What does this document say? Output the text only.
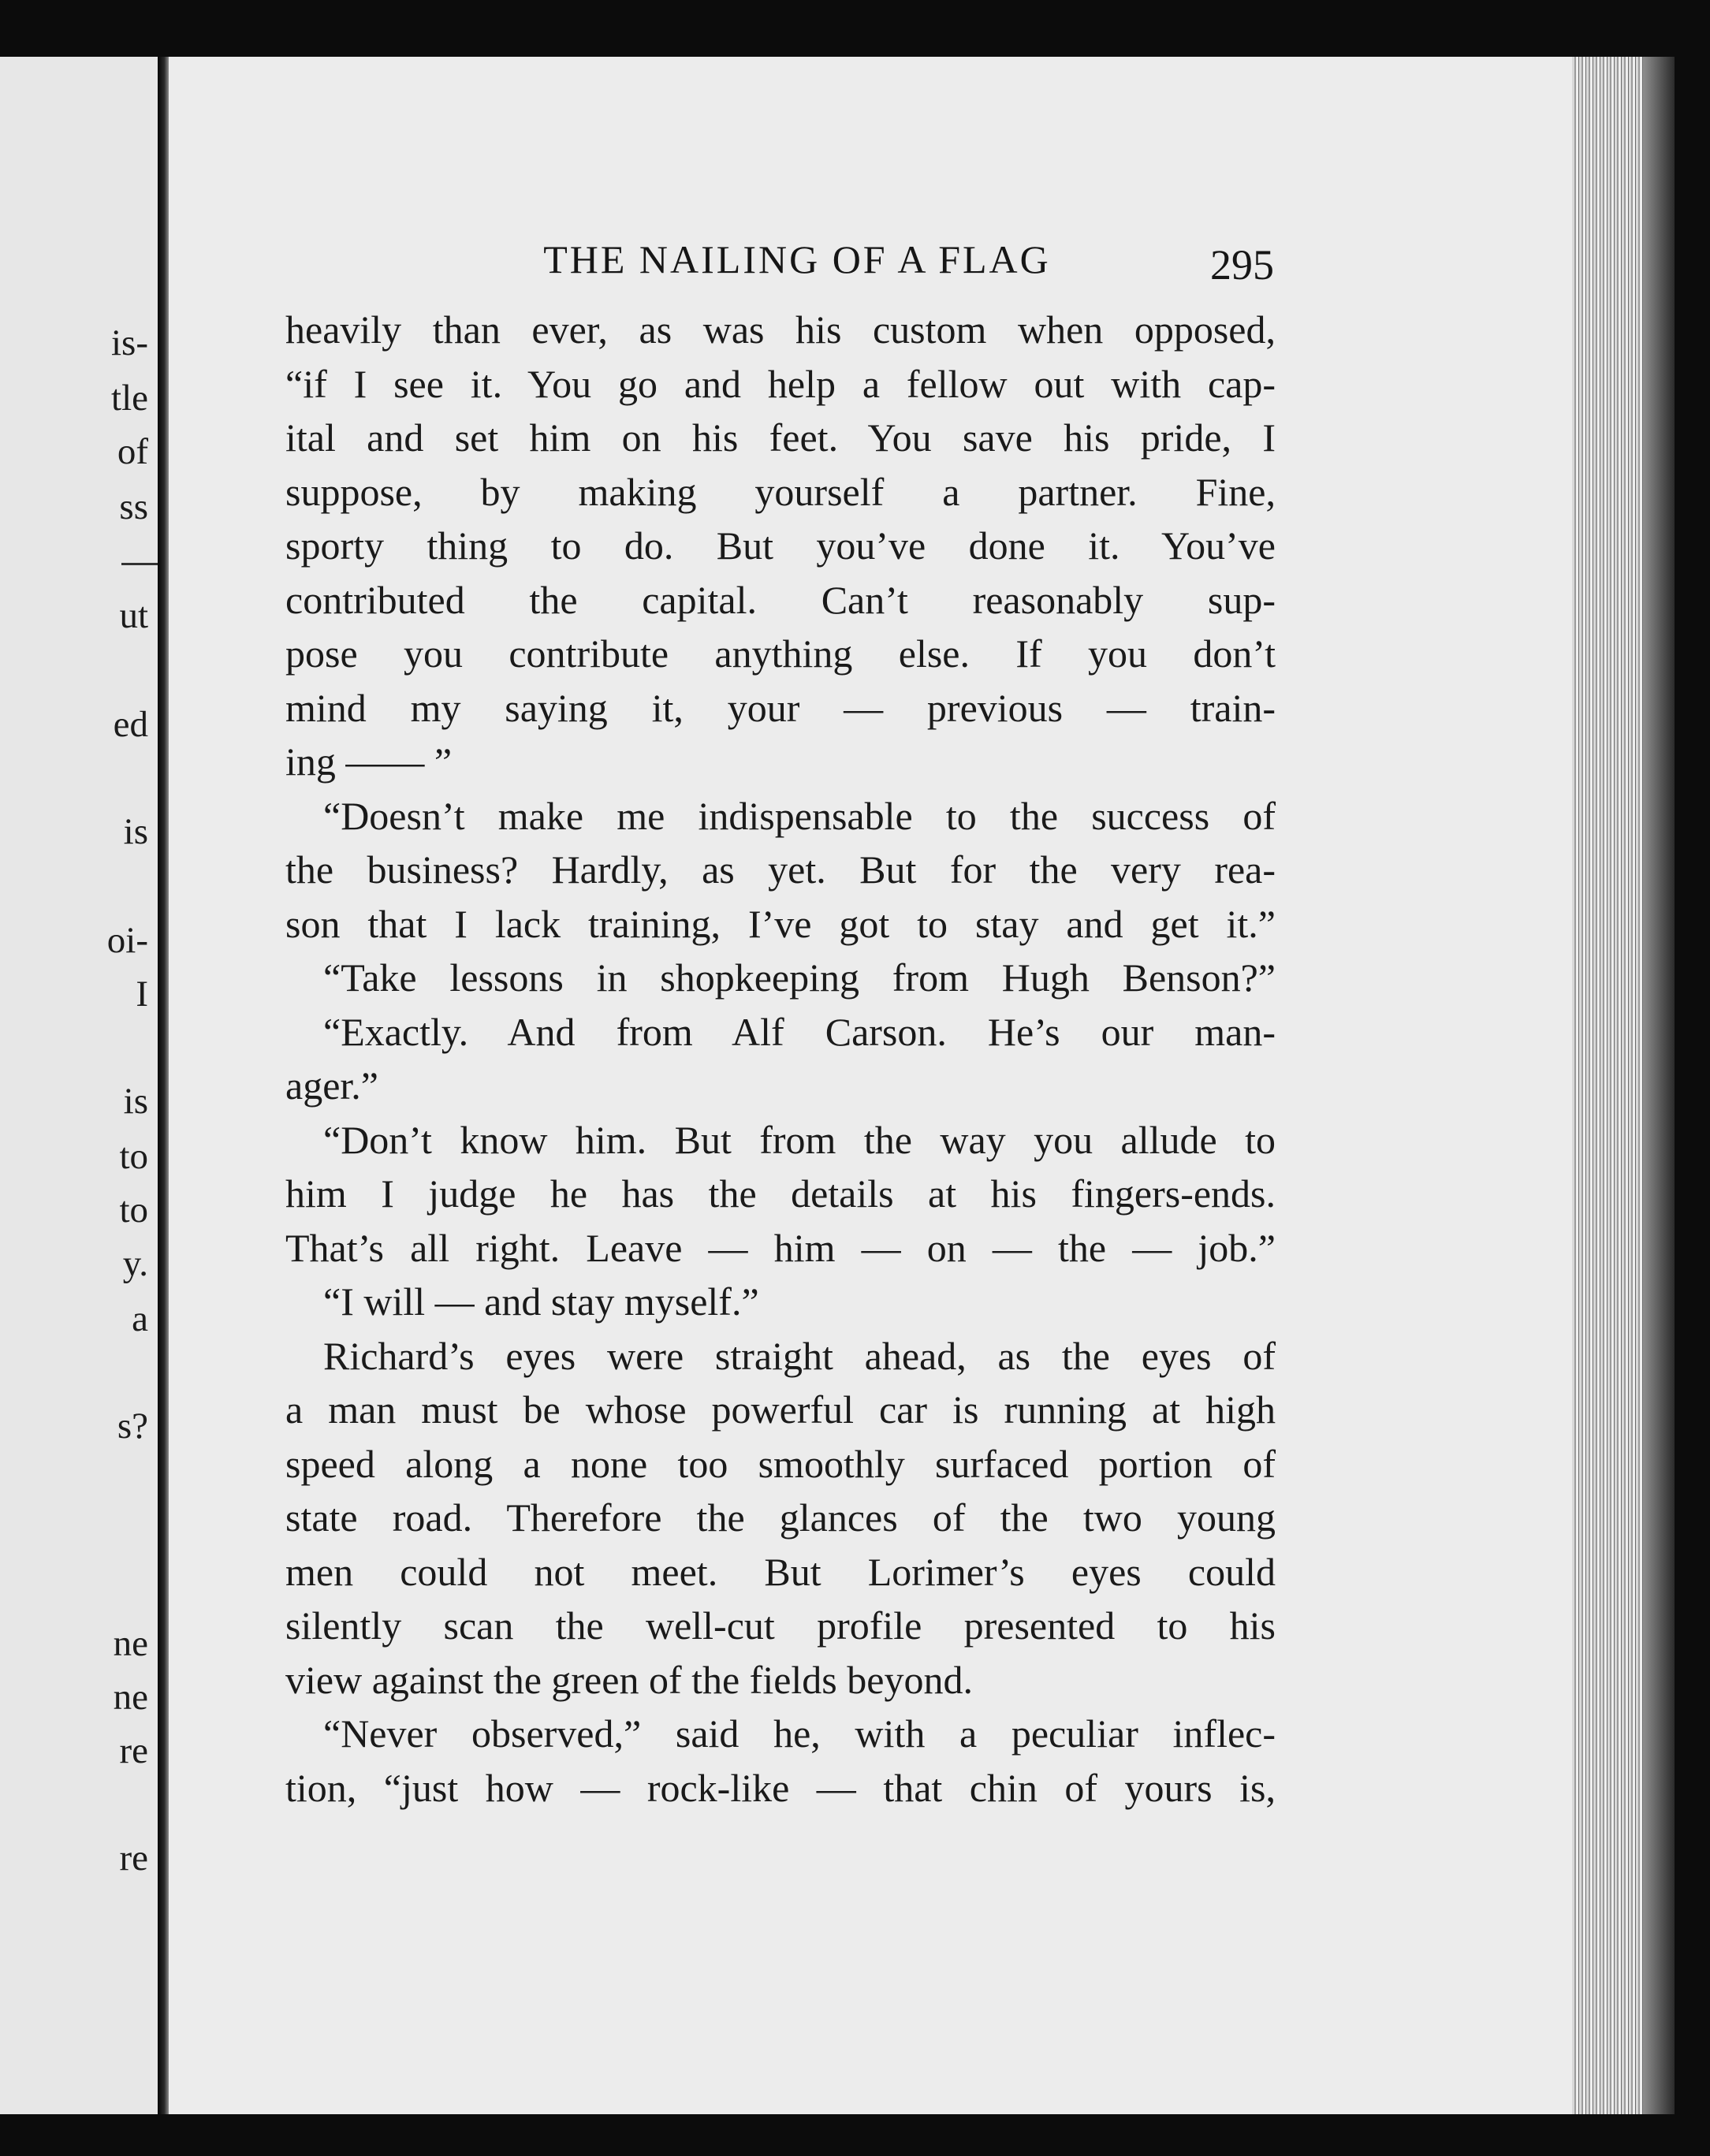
is-

tle

of

ss

ut

ed

is

oi-

I

is

to

to

y.

a

s?

ne

ne

re

re

THE NAILING OF A FLAG	295

heavily than ever, as was his custom when opposed,
“if I see it. You go and help a fellow out with cap-
ital and set him on his feet. You save his pride, I
suppose, by making yourself a partner. Fine,
sporty thing to do. But you’ve done it. You’ve
contributed the capital. Can’t reasonably sup-
pose you contribute anything else. If you don’t
mind my saying it, your — previous — train-
ing —— ”
“Doesn’t make me indispensable to the success of
the business? Hardly, as yet. But for the very rea-
son that I lack training, I’ve got to stay and get it.”
“Take lessons in shopkeeping from Hugh Benson?”
“Exactly. And from Alf Carson. He’s our man-
ager.”
“Don’t know him. But from the way you allude to
him I judge he has the details at his fingers-ends.
That’s all right. Leave — him — on — the — job.”
“I will — and stay myself.”
Richard’s eyes were straight ahead, as the eyes of
a man must be whose powerful car is running at high
speed along a none too smoothly surfaced portion of
state road. Therefore the glances of the two young
men could not meet. But Lorimer’s eyes could
silently scan the well-cut profile presented to his
view against the green of the fields beyond.
“Never observed,” said he, with a peculiar inflec-
tion, “just how — rock-like — that chin of yours is,
